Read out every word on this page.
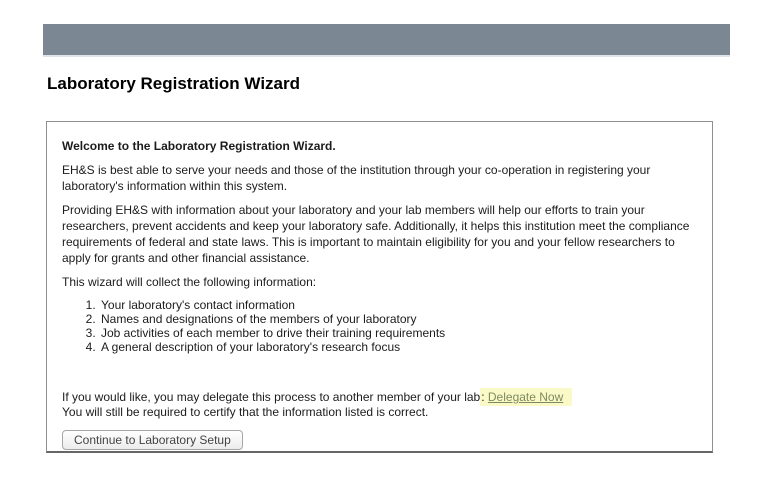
Laboratory Registration Wizard

Welcome to the Laboratory Registration Wizard.

EH&S is best able to serve your needs and those of the institution through your co-operation in registering your laboratory's information within this system.

Providing EH&S with information about your laboratory and your lab members will help our efforts to train your researchers, prevent accidents and keep your laboratory safe. Additionally, it helps this institution meet the compliance requirements of federal and state laws. This is important to maintain eligibility for you and your fellow researchers to apply for grants and other financial assistance.

This wizard will collect the following information:

1. Your laboratory's contact information
2. Names and designations of the members of your laboratory
3. Job activities of each member to drive their training requirements
4. A general description of your laboratory's research focus
If you would like, you may delegate this process to another member of your lab: Delegate Now
You will still be required to certify that the information listed is correct.
Continue to Laboratory Setup
